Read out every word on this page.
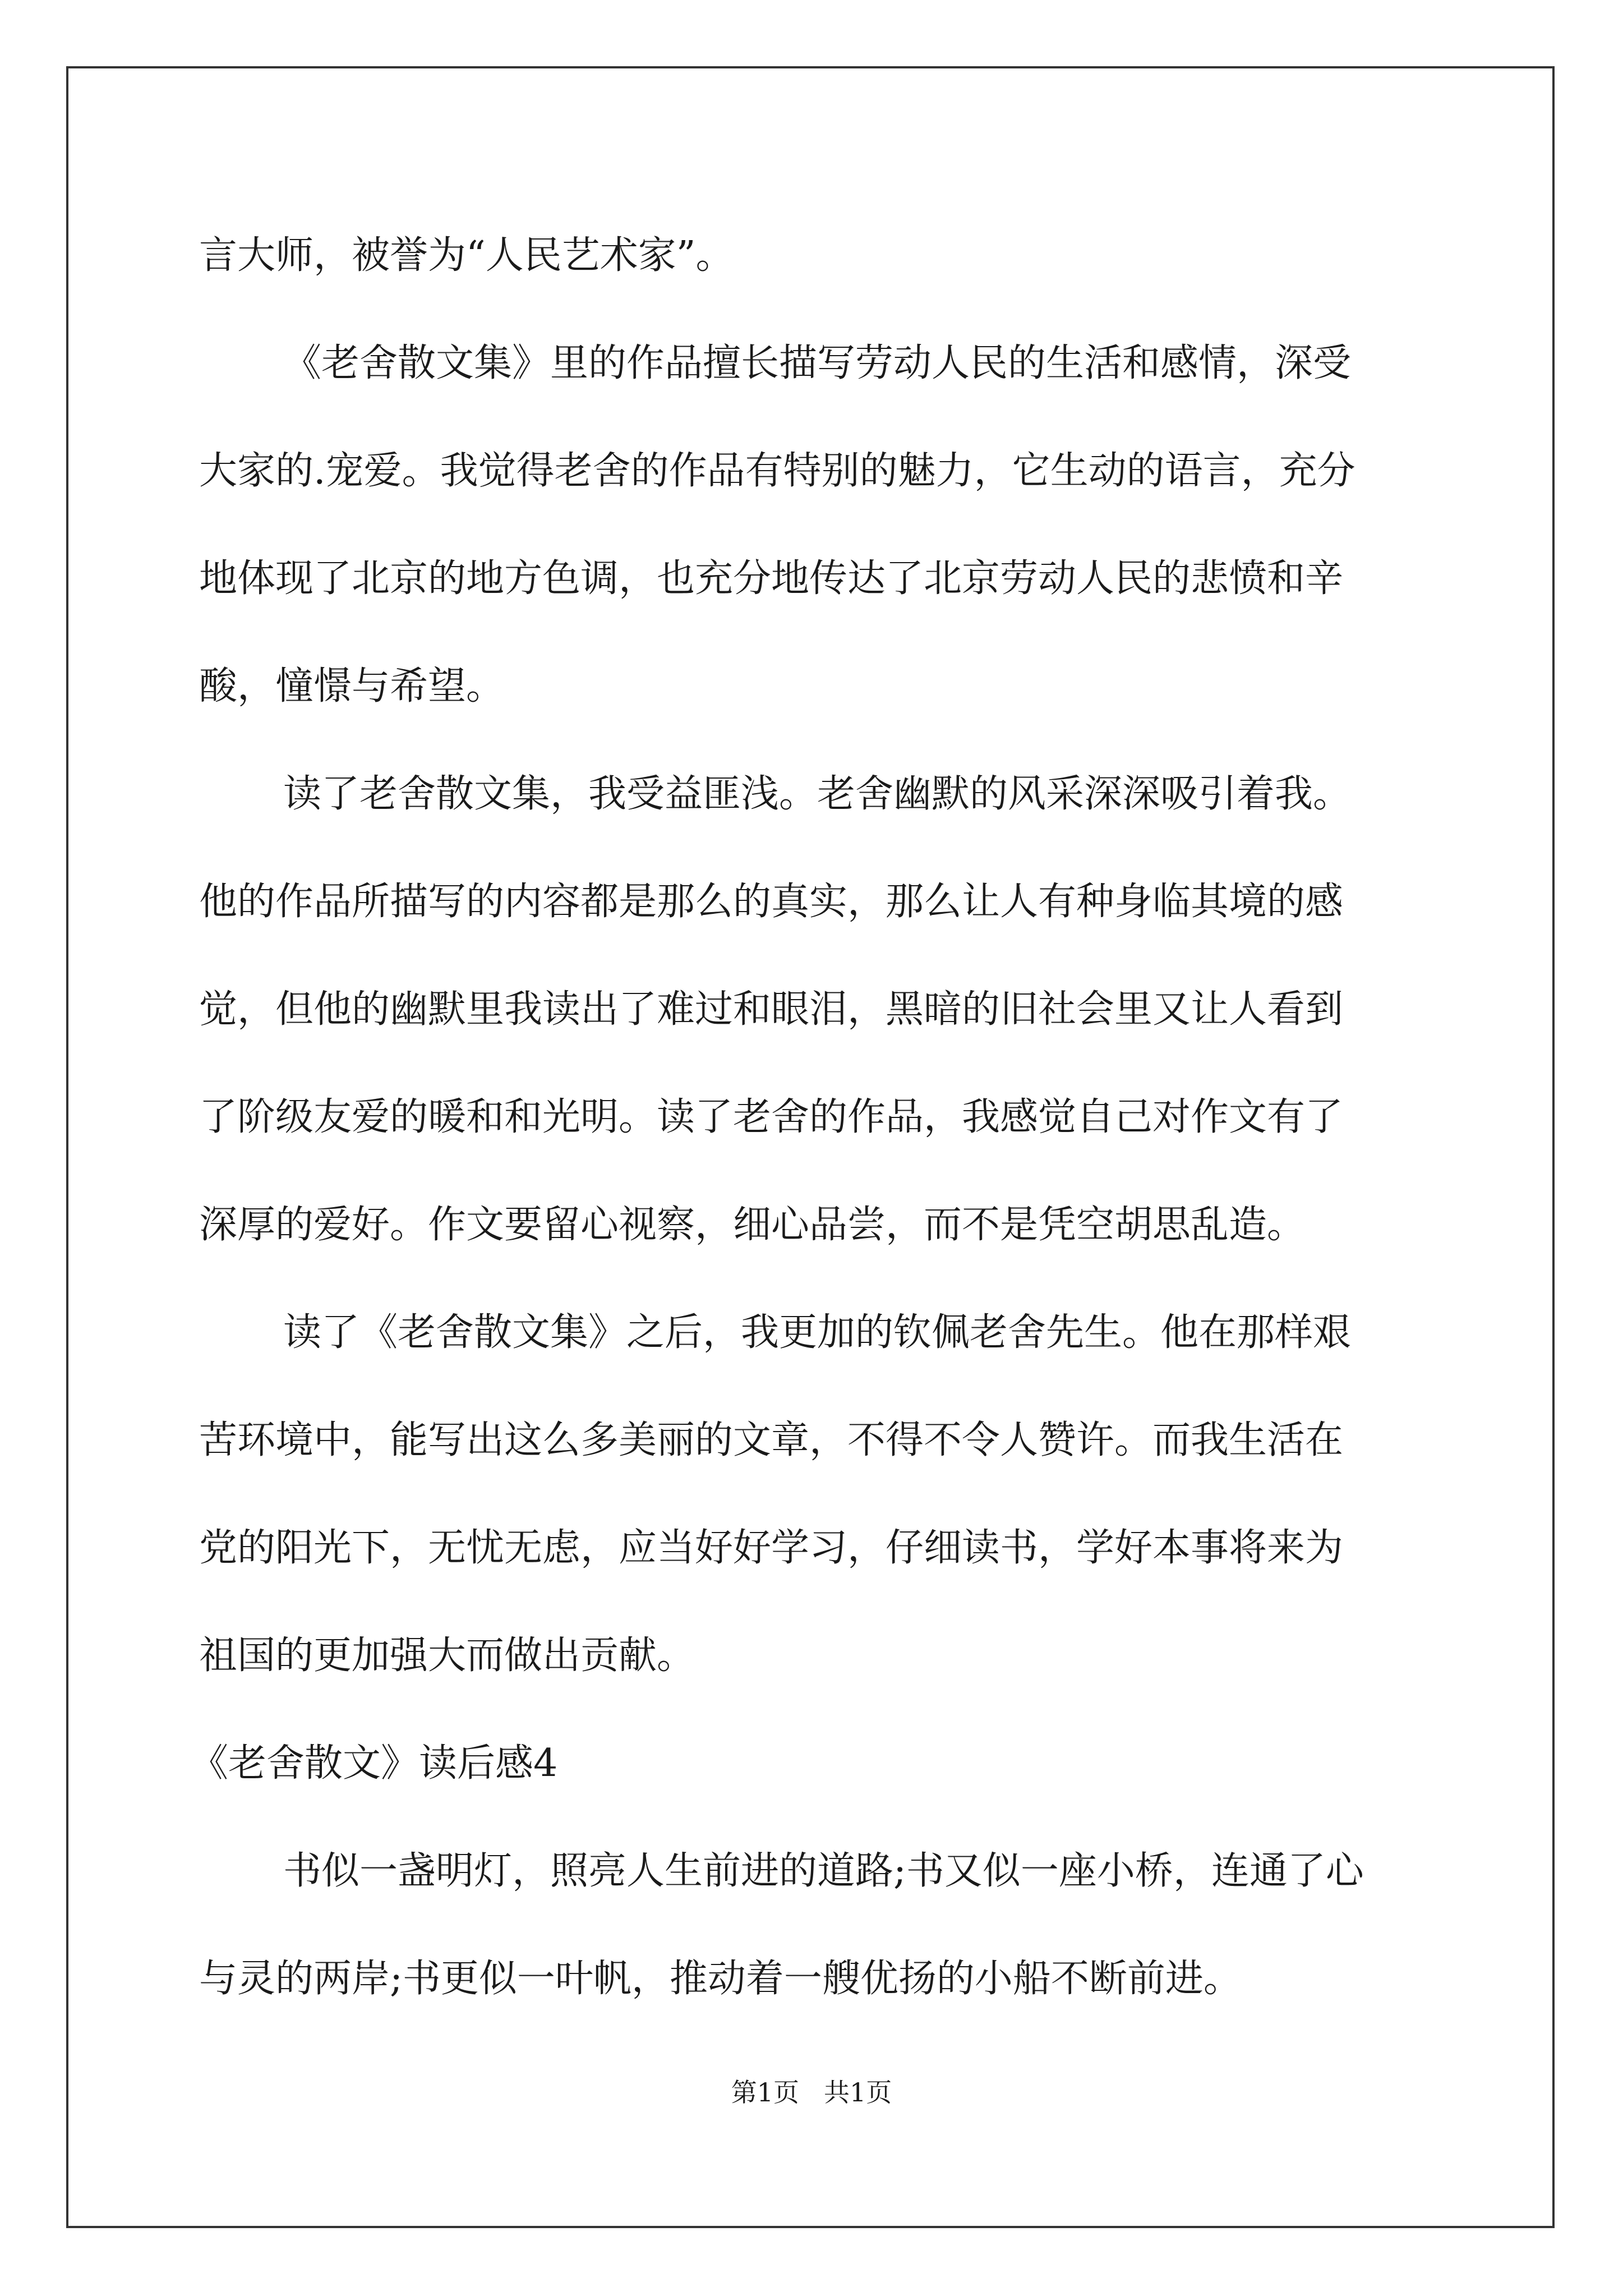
言大师，被誉为“人民艺术家”。
《老舍散文集》里的作品擅长描写劳动人民的生活和感情，深受
大家的.宠爱。我觉得老舍的作品有特别的魅力，它生动的语言，充分
地体现了北京的地方色调，也充分地传达了北京劳动人民的悲愤和辛
酸，憧憬与希望。
读了老舍散文集，我受益匪浅。老舍幽默的风采深深吸引着我。
他的作品所描写的内容都是那么的真实，那么让人有种身临其境的感
觉，但他的幽默里我读出了难过和眼泪，黑暗的旧社会里又让人看到
了阶级友爱的暖和和光明。读了老舍的作品，我感觉自己对作文有了
深厚的爱好。作文要留心视察，细心品尝，而不是凭空胡思乱造。
读了《老舍散文集》之后，我更加的钦佩老舍先生。他在那样艰
苦环境中，能写出这么多美丽的文章，不得不令人赞许。而我生活在
党的阳光下，无忧无虑，应当好好学习，仔细读书，学好本事将来为
祖国的更加强大而做出贡献。
《老舍散文》读后感4
书似一盏明灯，照亮人生前进的道路;书又似一座小桥，连通了心
与灵的两岸;书更似一叶帆，推动着一艘优扬的小船不断前进。
第1页 共1页
